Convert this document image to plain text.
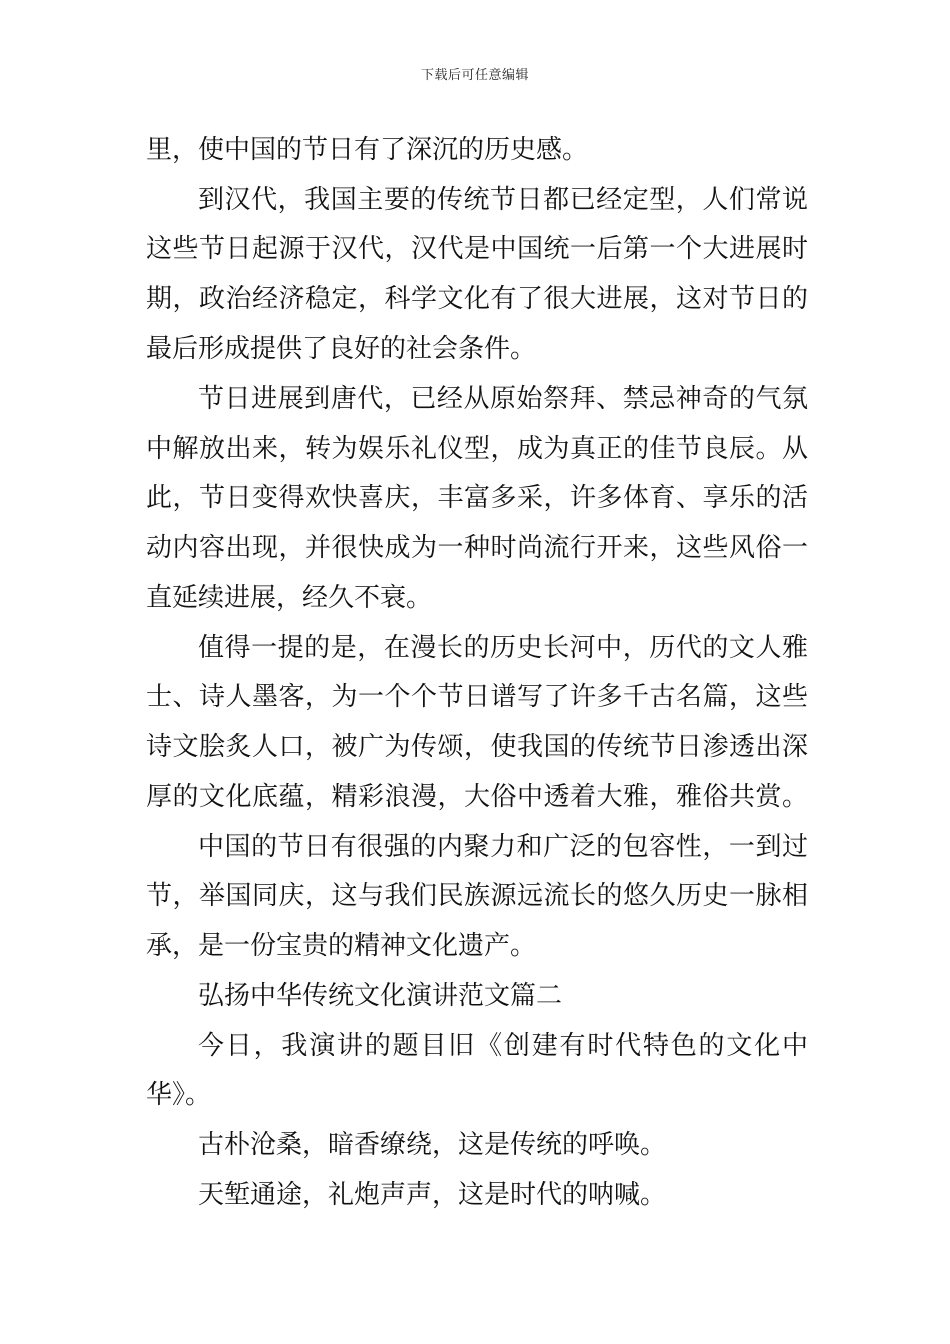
下载后可任意编辑
里，使中国的节日有了深沉的历史感。
到汉代，我国主要的传统节日都已经定型，人们常说
这些节日起源于汉代，汉代是中国统一后第一个大进展时
期，政治经济稳定，科学文化有了很大进展，这对节日的
最后形成提供了良好的社会条件。
节日进展到唐代，已经从原始祭拜、禁忌神奇的气氛
中解放出来，转为娱乐礼仪型，成为真正的佳节良辰。从
此，节日变得欢快喜庆，丰富多采，许多体育、享乐的活
动内容出现，并很快成为一种时尚流行开来，这些风俗一
直延续进展，经久不衰。
值得一提的是，在漫长的历史长河中，历代的文人雅
士、诗人墨客，为一个个节日谱写了许多千古名篇，这些
诗文脍炙人口，被广为传颂，使我国的传统节日渗透出深
厚的文化底蕴，精彩浪漫，大俗中透着大雅，雅俗共赏。
中国的节日有很强的内聚力和广泛的包容性，一到过
节，举国同庆，这与我们民族源远流长的悠久历史一脉相
承，是一份宝贵的精神文化遗产。
弘扬中华传统文化演讲范文篇二
今日，我演讲的题目旧《创建有时代特色的文化中
华》。
古朴沧桑，暗香缭绕，这是传统的呼唤。
天堑通途，礼炮声声，这是时代的呐喊。
